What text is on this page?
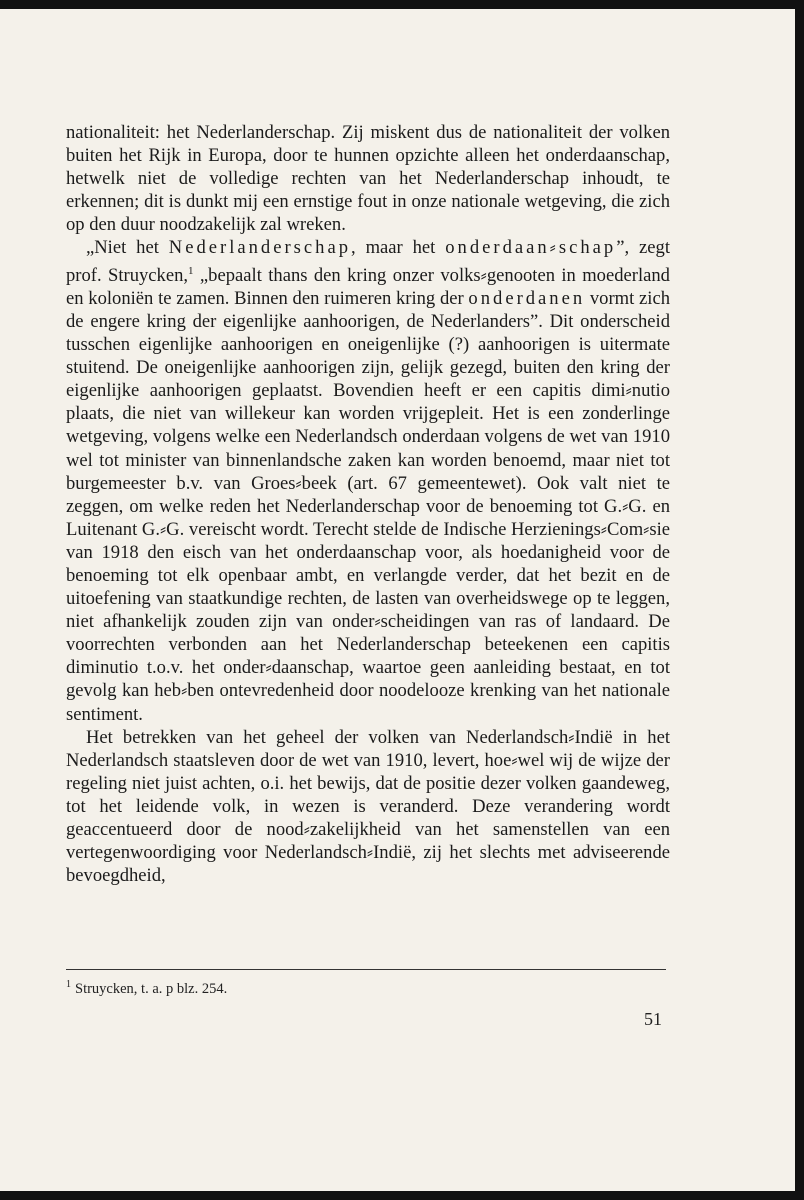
nationaliteit: het Nederlanderschap. Zij miskent dus de nationaliteit der volken buiten het Rijk in Europa, door te hunnen opzichte alleen het onderdaanschap, hetwelk niet de volledige rechten van het Nederlanderschap inhoudt, te erkennen; dit is dunkt mij een ernstige fout in onze nationale wetgeving, die zich op den duur noodzakelijk zal wreken.

„Niet het Nederlanderschap, maar het onderdaan⸗schap”, zegt prof. Struycken,$^1$ „bepaalt thans den kring onzer volks⸗genooten in moederland en koloniën te zamen. Binnen den ruimeren kring der onderdanen vormt zich de engere kring der eigenlijke aanhoorigen, de Nederlanders”. Dit onderscheid tusschen eigenlijke aanhoorigen en oneigenlijke (?) aanhoorigen is uitermate stuitend. De oneigenlijke aanhoorigen zijn, gelijk gezegd, buiten den kring der eigenlijke aanhoorigen geplaatst. Bovendien heeft er een capitis dimi⸗nutio plaats, die niet van willekeur kan worden vrijgepleit. Het is een zonderlinge wetgeving, volgens welke een Nederlandsch onderdaan volgens de wet van 1910 wel tot minister van binnenlandsche zaken kan worden benoemd, maar niet tot burgemeester b.v. van Groes⸗beek (art. 67 gemeentewet). Ook valt niet te zeggen, om welke reden het Nederlanderschap voor de benoeming tot G.⸗G. en Luitenant G.⸗G. vereischt wordt. Terecht stelde de Indische Herzienings⸗Com⸗sie van 1918 den eisch van het onderdaanschap voor, als hoedanigheid voor de benoeming tot elk openbaar ambt, en verlangde verder, dat het bezit en de uitoefening van staatkundige rechten, de lasten van overheidswege op te leggen, niet afhankelijk zouden zijn van onder⸗scheidingen van ras of landaard. De voorrechten verbonden aan het Nederlanderschap beteekenen een capitis diminutio t.o.v. het onder⸗daanschap, waartoe geen aanleiding bestaat, en tot gevolg kan heb⸗ben ontevredenheid door noodelooze krenking van het nationale sentiment.

Het betrekken van het geheel der volken van Nederlandsch⸗Indië in het Nederlandsch staatsleven door de wet van 1910, levert, hoe⸗wel wij de wijze der regeling niet juist achten, o.i. het bewijs, dat de positie dezer volken gaandeweg, tot het leidende volk, in wezen is veranderd. Deze verandering wordt geaccentueerd door de nood⸗zakelijkheid van het samenstellen van een vertegenwoordiging voor Nederlandsch⸗Indië, zij het slechts met adviseerende bevoegdheid,

$^1$ Struycken, t. a. p blz. 254.
51
